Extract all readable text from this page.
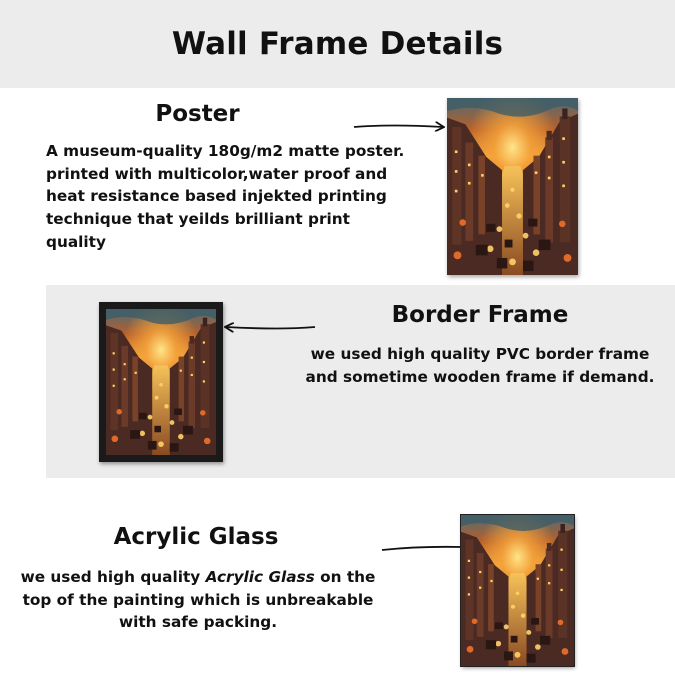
Wall Frame Details
Poster

A museum-quality 180g/m2 matte poster. printed with multicolor,water proof and heat resistance based injekted printing technique that yeilds brilliant print quality

Border Frame

we used high quality PVC border frame and sometime wooden frame if demand.

Acrylic Glass

we used high quality Acrylic Glass on the top of the painting which is unbreakable with safe packing.
